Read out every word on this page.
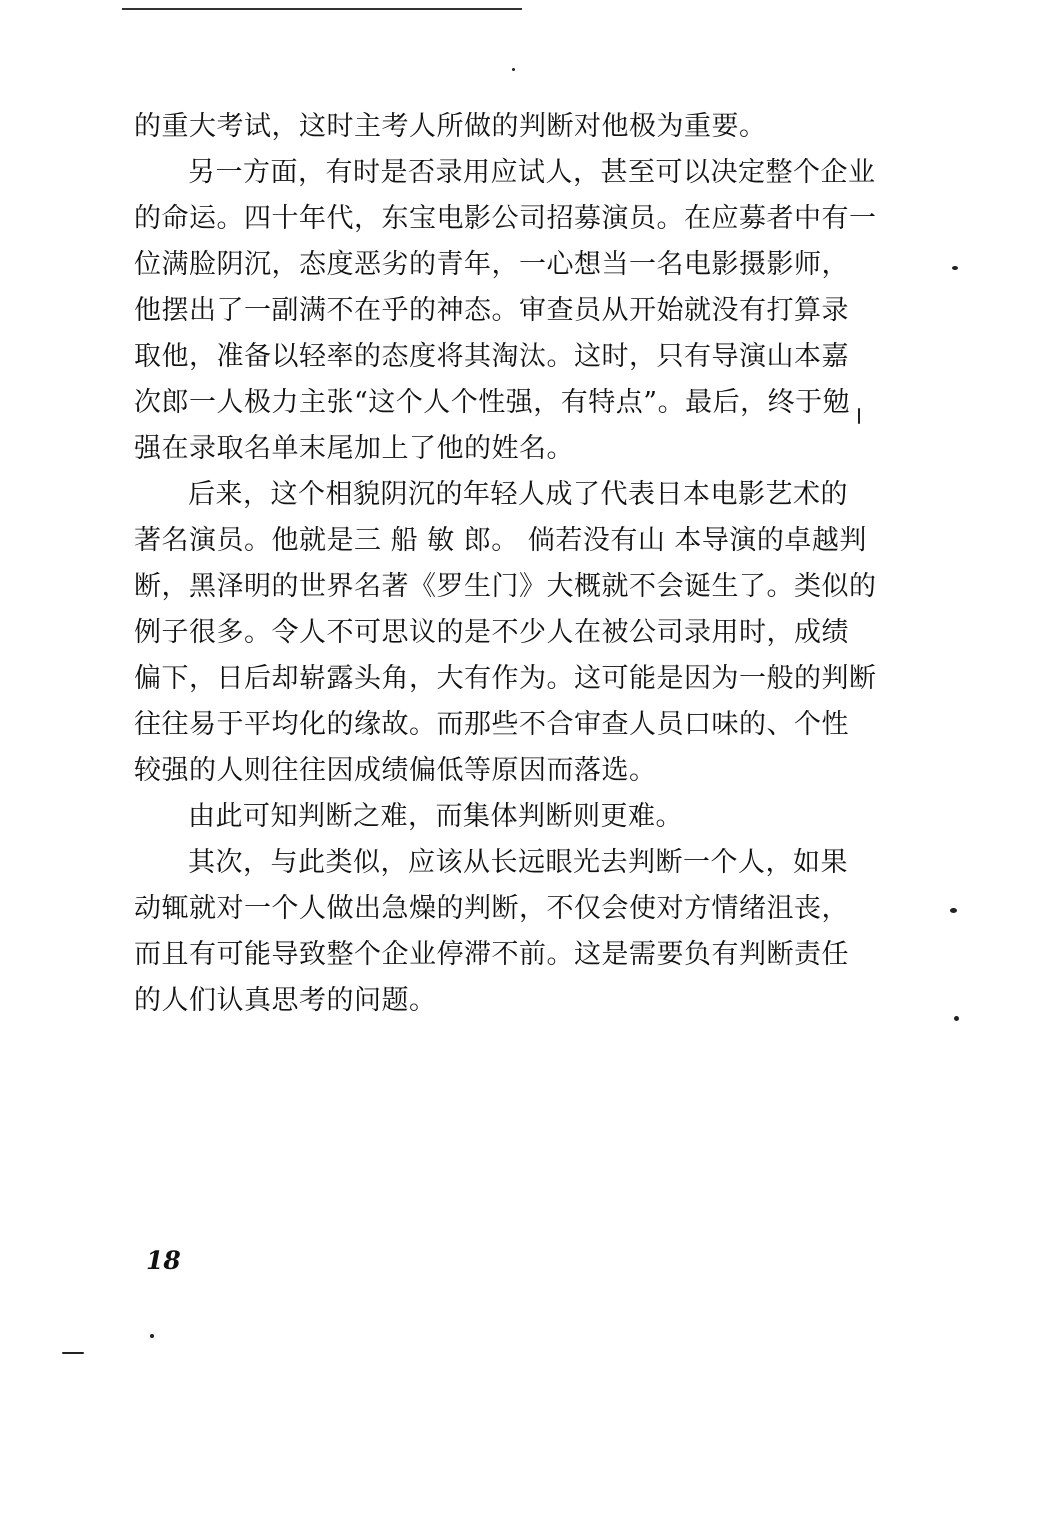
的重大考试，这时主考人所做的判断对他极为重要。
另一方面，有时是否录用应试人，甚至可以决定整个企业
的命运。四十年代，东宝电影公司招募演员。在应募者中有一
位满脸阴沉，态度恶劣的青年，一心想当一名电影摄影师，
他摆出了一副满不在乎的神态。审查员从开始就没有打算录
取他，准备以轻率的态度将其淘汰。这时，只有导演山本嘉
次郎一人极力主张“这个人个性强，有特点”。最后，终于勉
强在录取名单末尾加上了他的姓名。
后来，这个相貌阴沉的年轻人成了代表日本电影艺术的
著名演员。他就是三 船 敏 郎。 倘若没有山 本导演的卓越判
断，黑泽明的世界名著《罗生门》大概就不会诞生了。类似的
例子很多。令人不可思议的是不少人在被公司录用时，成绩
偏下，日后却崭露头角，大有作为。这可能是因为一般的判断
往往易于平均化的缘故。而那些不合审查人员口味的、个性
较强的人则往往因成绩偏低等原因而落选。
由此可知判断之难，而集体判断则更难。
其次，与此类似，应该从长远眼光去判断一个人，如果
动辄就对一个人做出急燥的判断，不仅会使对方情绪沮丧，
而且有可能导致整个企业停滞不前。这是需要负有判断责任
的人们认真思考的问题。
18
